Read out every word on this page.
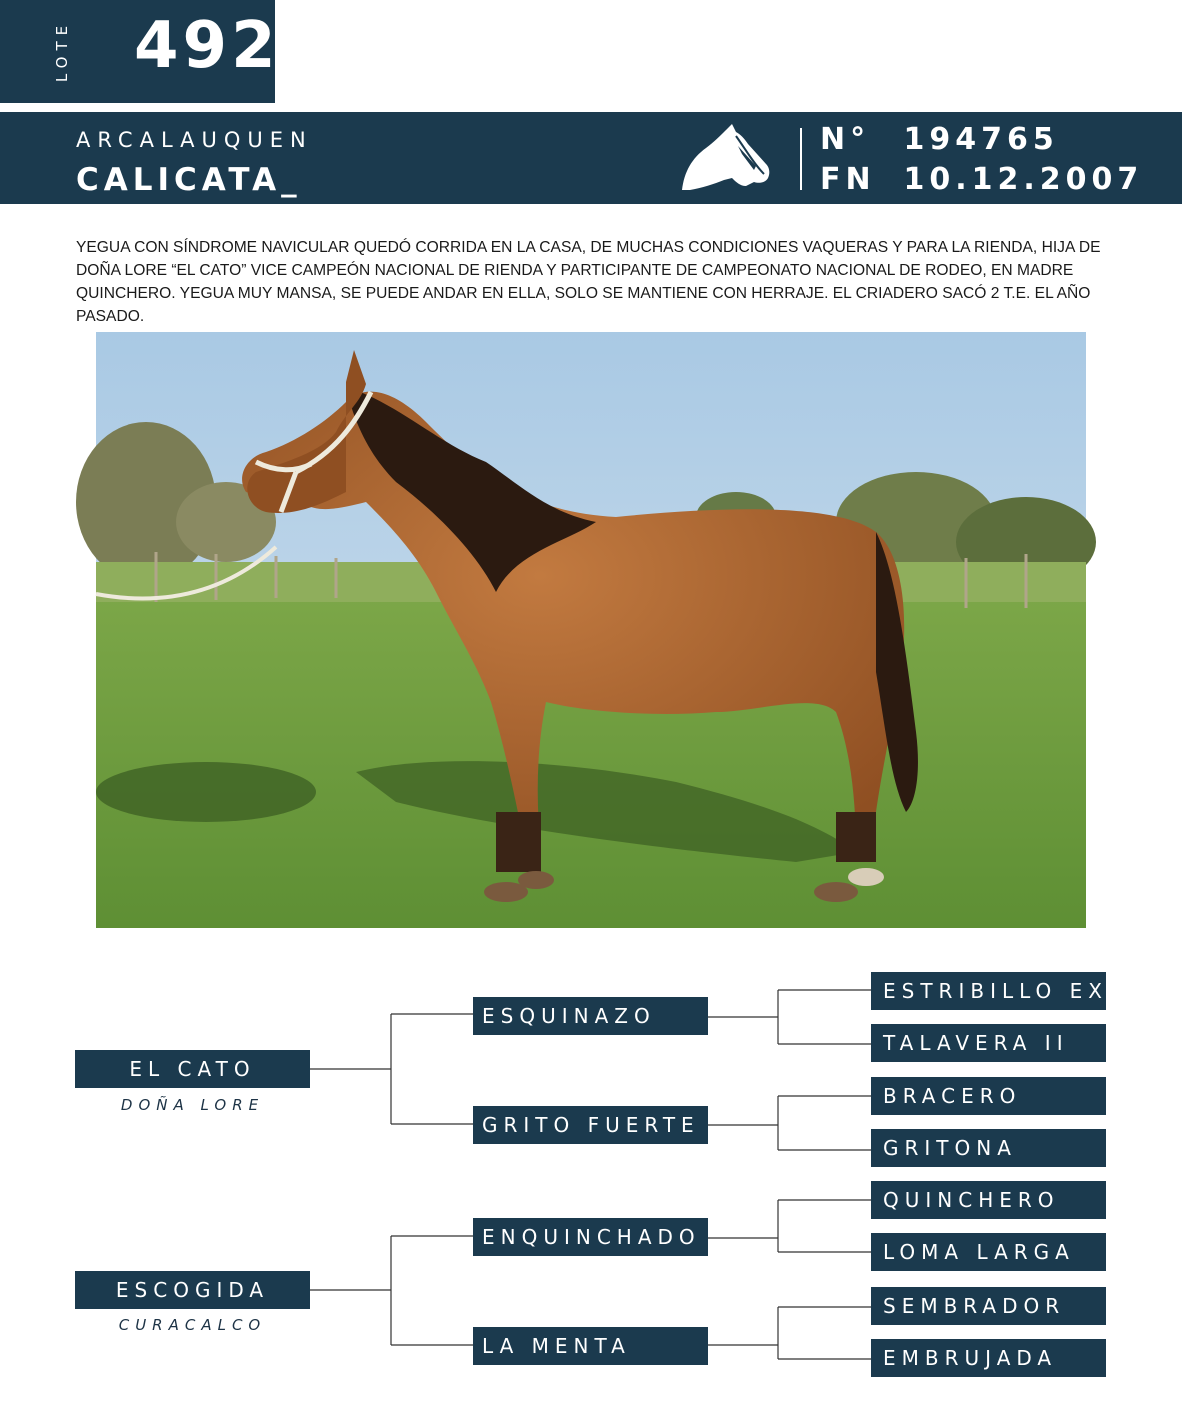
LOTE 492
ARCALAUQUEN
CALICATA_
N° 194765
FN 10.12.2007
YEGUA CON SÍNDROME NAVICULAR QUEDÓ CORRIDA EN LA CASA, DE MUCHAS CONDICIONES VAQUERAS Y PARA LA RIENDA, HIJA DE DOÑA LORE “EL CATO” VICE CAMPEÓN NACIONAL DE RIENDA Y PARTICIPANTE DE CAMPEONATO NACIONAL DE RODEO, EN MADRE QUINCHERO. YEGUA MUY MANSA, SE PUEDE ANDAR EN ELLA, SOLO SE MANTIENE CON HERRAJE. EL CRIADERO SACÓ 2 T.E. EL AÑO PASADO.
EL CATO
DOÑA LORE
ESCOGIDA
CURACALCO
ESQUINAZO
GRITO FUERTE
ENQUINCHADO
LA MENTA
ESTRIBILLO EX R
TALAVERA II
BRACERO
GRITONA
QUINCHERO
LOMA LARGA
SEMBRADOR
EMBRUJADA
